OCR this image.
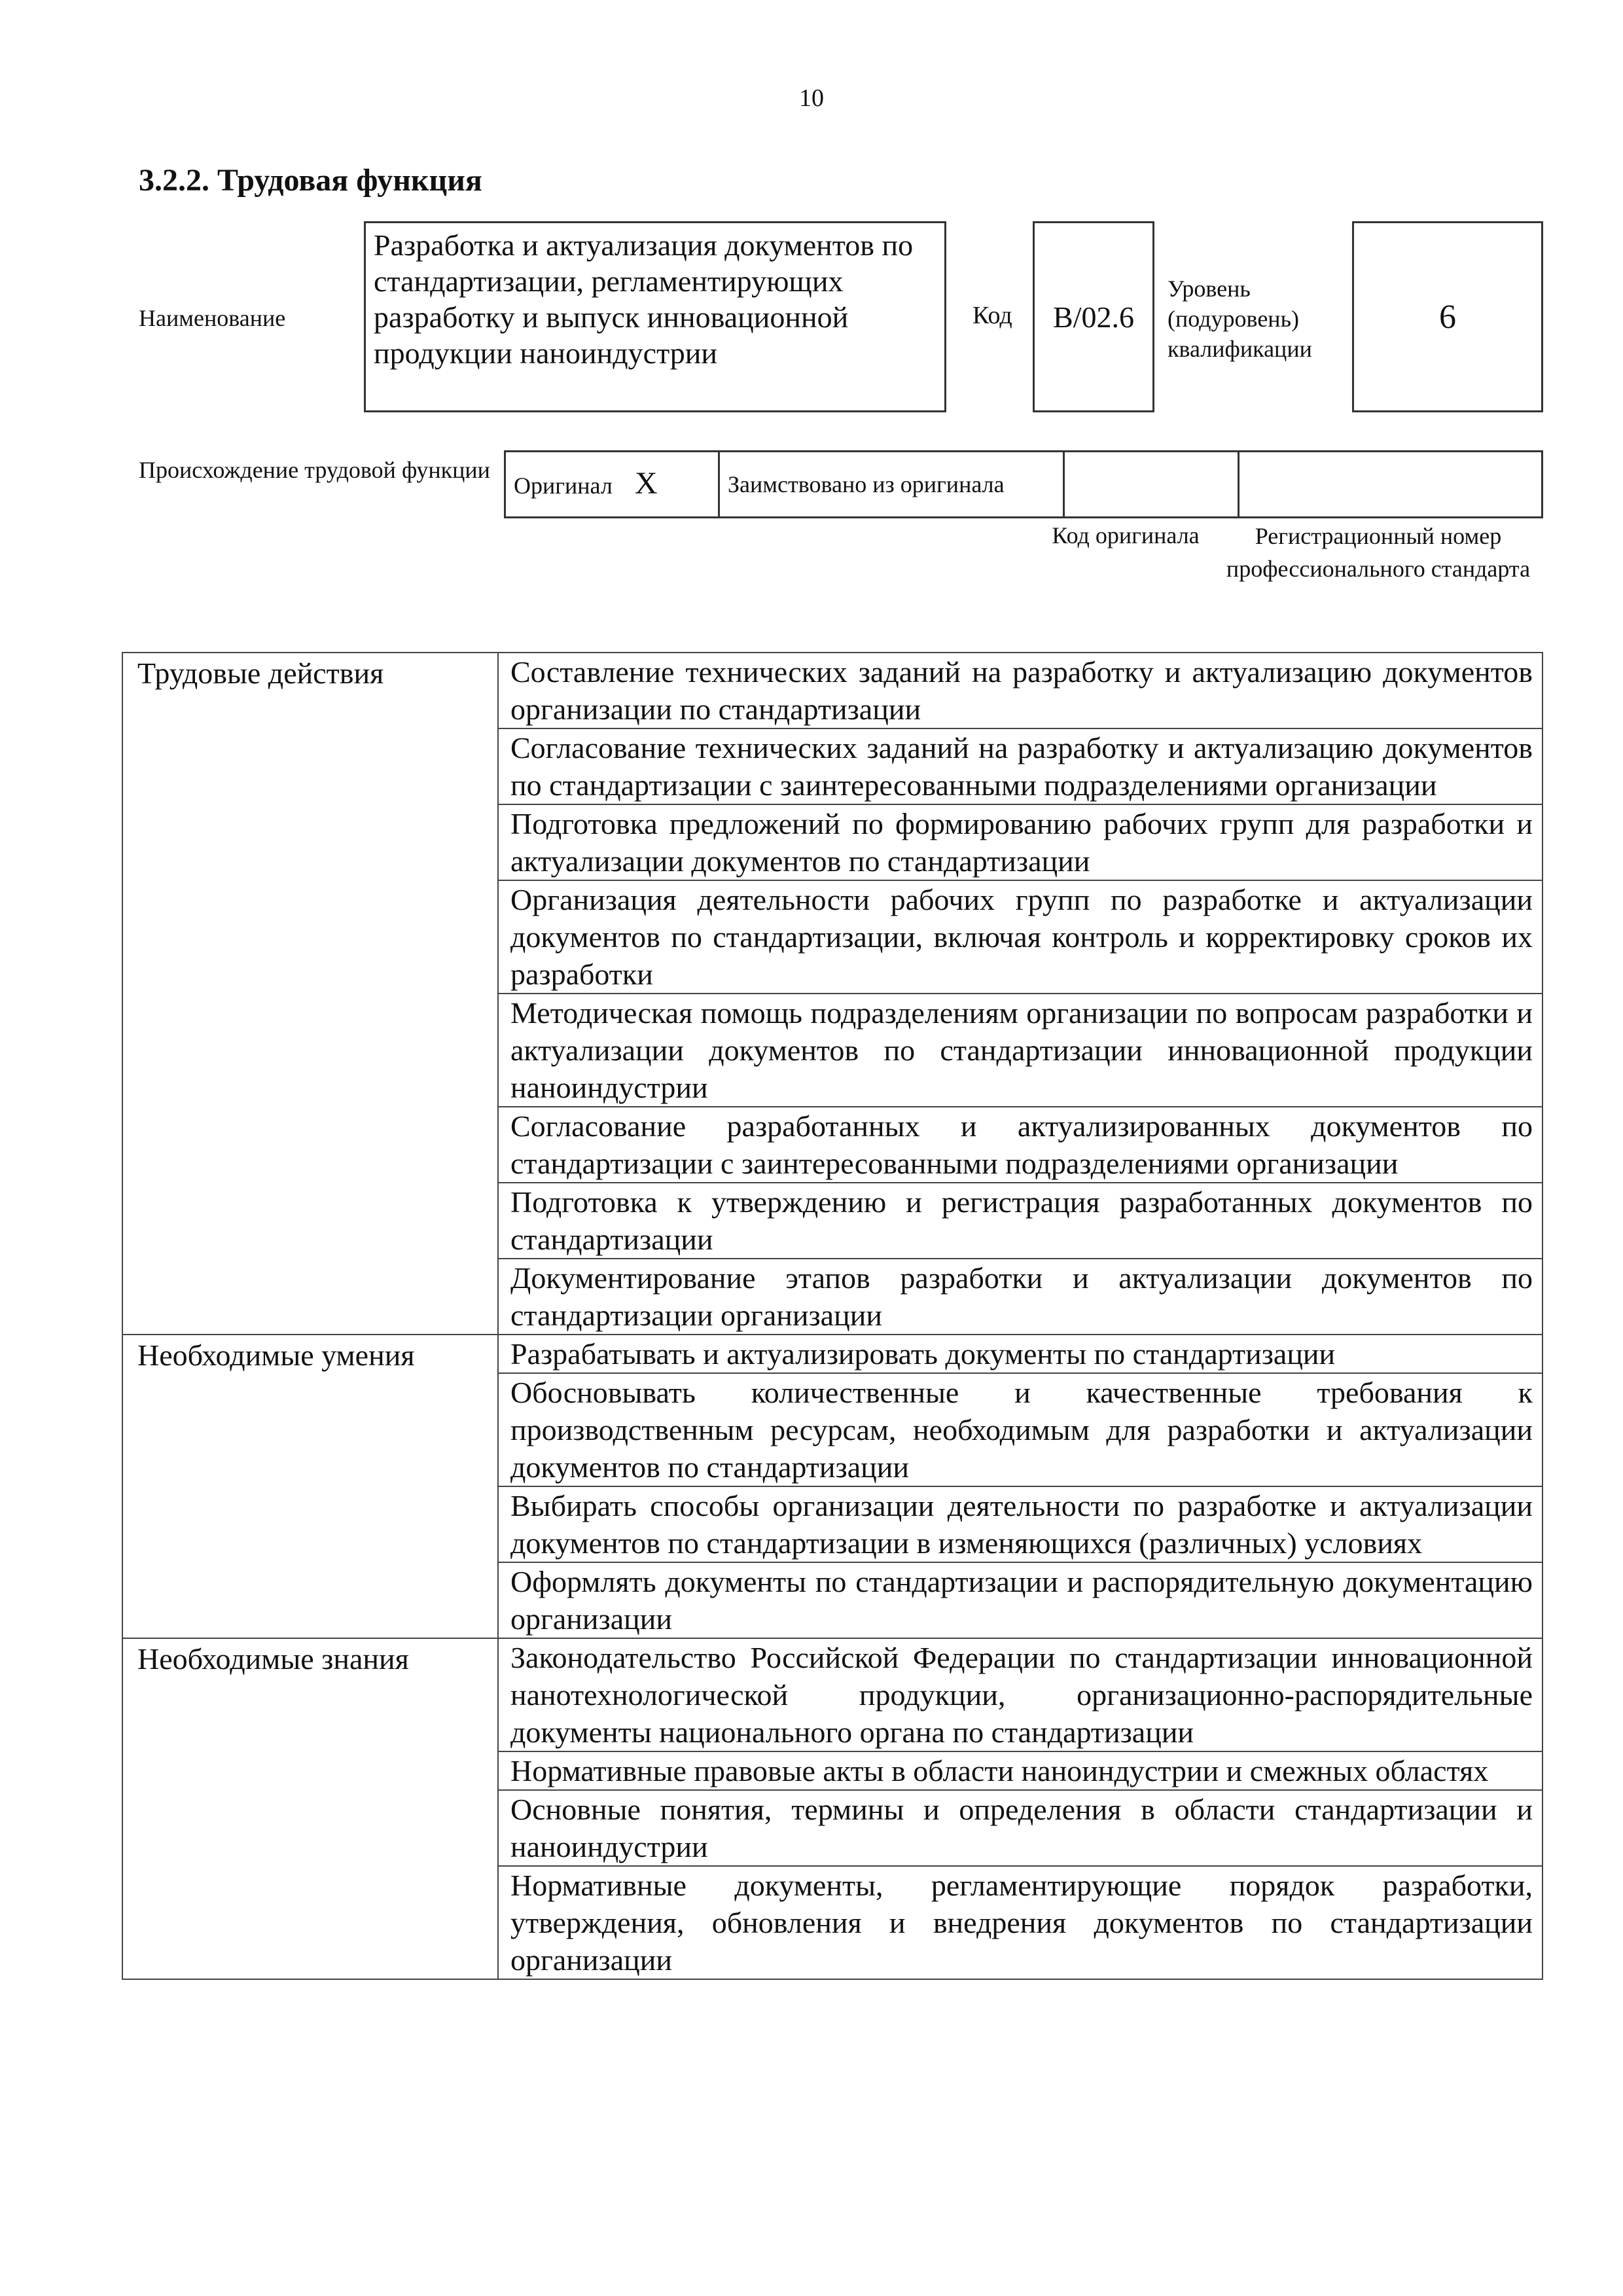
10
3.2.2. Трудовая функция
Наименование
Разработка и актуализация документов по стандартизации, регламентирующих разработку и выпуск инновационной продукции наноиндустрии
Код B/02.6
Уровень
(подуровень)
квалификации
6
Происхождение трудовой функции
Оригинал X	Заимствовано из оригинала		
Код оригинала	Регистрационный номер профессионального стандарта
Трудовые действия	Составление технических заданий на разработку и актуализацию документов организации по стандартизации
	Согласование технических заданий на разработку и актуализацию документов по стандартизации с заинтересованными подразделениями организации
	Подготовка предложений по формированию рабочих групп для разработки и актуализации документов по стандартизации
	Организация деятельности рабочих групп по разработке и актуализации документов по стандартизации, включая контроль и корректировку сроков их разработки
	Методическая помощь подразделениям организации по вопросам разработки и актуализации документов по стандартизации инновационной продукции наноиндустрии
	Согласование разработанных и актуализированных документов по стандартизации с заинтересованными подразделениями организации
	Подготовка к утверждению и регистрация разработанных документов по стандартизации
	Документирование этапов разработки и актуализации документов по стандартизации организации
Необходимые умения	Разрабатывать и актуализировать документы по стандартизации
	Обосновывать количественные и качественные требования к производственным ресурсам, необходимым для разработки и актуализации документов по стандартизации
	Выбирать способы организации деятельности по разработке и актуализации документов по стандартизации в изменяющихся (различных) условиях
	Оформлять документы по стандартизации и распорядительную документацию организации
Необходимые знания	Законодательство Российской Федерации по стандартизации инновационной нанотехнологической продукции, организационно-распорядительные документы национального органа по стандартизации
	Нормативные правовые акты в области наноиндустрии и смежных областях
	Основные понятия, термины и определения в области стандартизации и наноиндустрии
	Нормативные документы, регламентирующие порядок разработки, утверждения, обновления и внедрения документов по стандартизации организации
